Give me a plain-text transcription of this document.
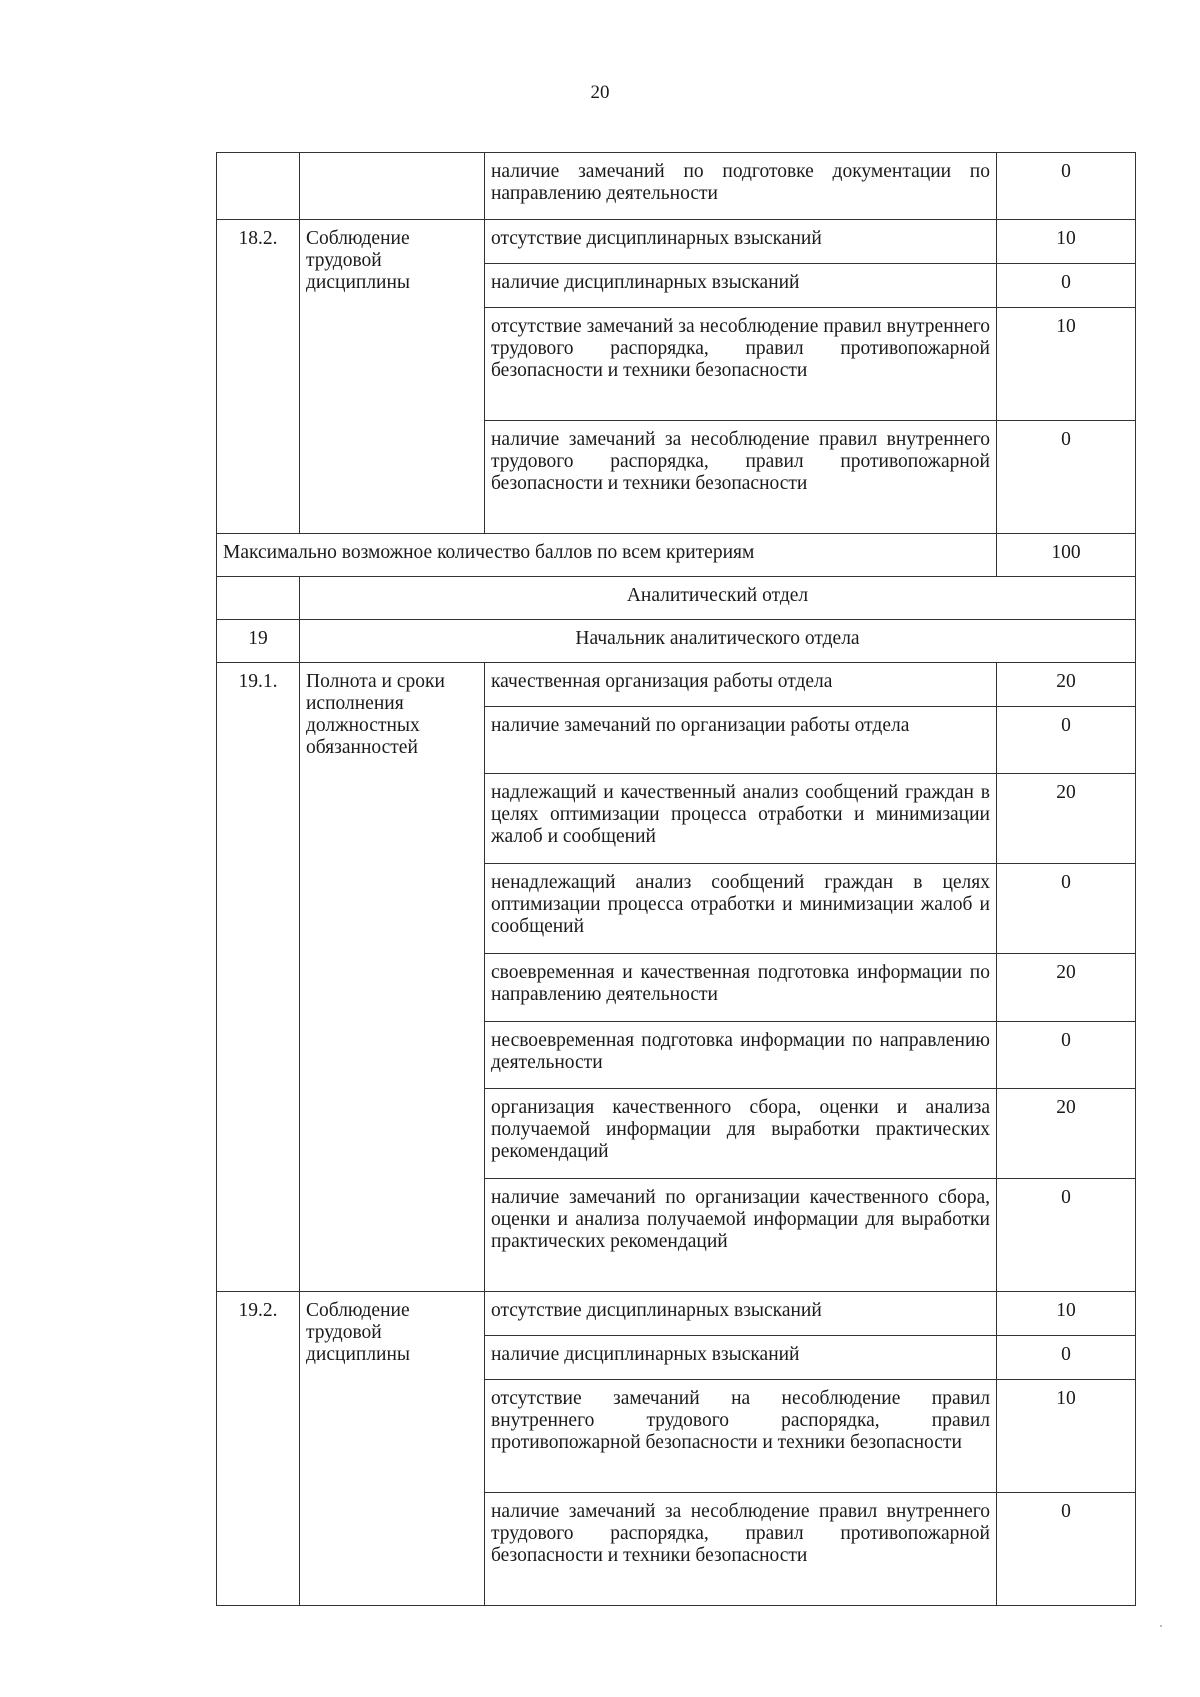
20
		наличие замечаний по подготовке документации по направлению деятельности	0
18.2.	Соблюдение трудовой дисциплины	отсутствие дисциплинарных взысканий	10
		наличие дисциплинарных взысканий	0
		отсутствие замечаний за несоблюдение правил внутреннего трудового распорядка, правил противопожарной безопасности и техники безопасности	10
		наличие замечаний за несоблюдение правил внутреннего трудового распорядка, правил противопожарной безопасности и техники безопасности	0
Максимально возможное количество баллов по всем критериям			100
	Аналитический отдел		
19	Начальник аналитического отдела		
19.1.	Полнота и сроки исполнения должностных обязанностей	качественная организация работы отдела	20
		наличие замечаний по организации работы отдела	0
		надлежащий и качественный анализ сообщений граждан в целях оптимизации процесса отработки и минимизации жалоб и сообщений	20
		ненадлежащий анализ сообщений граждан в целях оптимизации процесса отработки и минимизации жалоб и сообщений	0
		своевременная и качественная подготовка информации по направлению деятельности	20
		несвоевременная подготовка информации по направлению деятельности	0
		организация качественного сбора, оценки и анализа получаемой информации для выработки практических рекомендаций	20
		наличие замечаний по организации качественного сбора, оценки и анализа получаемой информации для выработки практических рекомендаций	0
19.2.	Соблюдение трудовой дисциплины	отсутствие дисциплинарных взысканий	10
		наличие дисциплинарных взысканий	0
		отсутствие замечаний на несоблюдение правил внутреннего трудового распорядка, правил противопожарной безопасности и техники безопасности	10
		наличие замечаний за несоблюдение правил внутреннего трудового распорядка, правил противопожарной безопасности и техники безопасности	0
